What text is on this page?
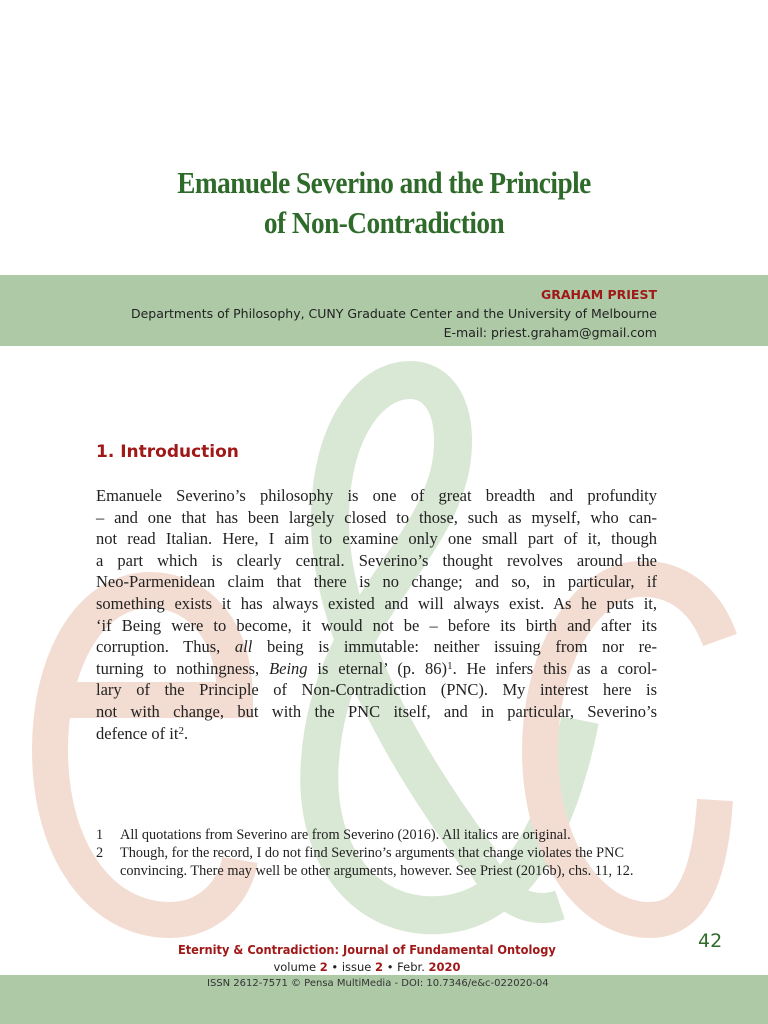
Emanuele Severino and the Principle
of Non-Contradiction
GRAHAM PRIEST
Departments of Philosophy, CUNY Graduate Center and the University of Melbourne
E-mail: priest.graham@gmail.com
1. Introduction
Emanuele Severino’s philosophy is one of great breadth and profundity
– and one that has been largely closed to those, such as myself, who can-
not read Italian. Here, I aim to examine only one small part of it, though
a part which is clearly central. Severino’s thought revolves around the
Neo-Parmenidean claim that there is no change; and so, in particular, if
something exists it has always existed and will always exist. As he puts it,
‘if Being were to become, it would not be – before its birth and after its
corruption. Thus, all being is immutable: neither issuing from nor re-
turning to nothingness, Being is eternal’ (p. 86)$^1$. He infers this as a corol-
lary of the Principle of Non-Contradiction (PNC). My interest here is
not with change, but with the PNC itself, and in particular, Severino’s
defence of $it^2$.
1	All quotations from Severino are from Severino (2016). All italics are original.
2	Though, for the record, I do not find Severino’s arguments that change violates the PNC convincing. There may well be other arguments, however. See Priest (2016b), chs. 11, 12.
Eternity & Contradiction: Journal of Fundamental Ontology
volume 2 • issue 2 • Febr. 2020
42
ISSN 2612-7571 © Pensa MultiMedia - DOI: 10.7346/e&c-022020-04
